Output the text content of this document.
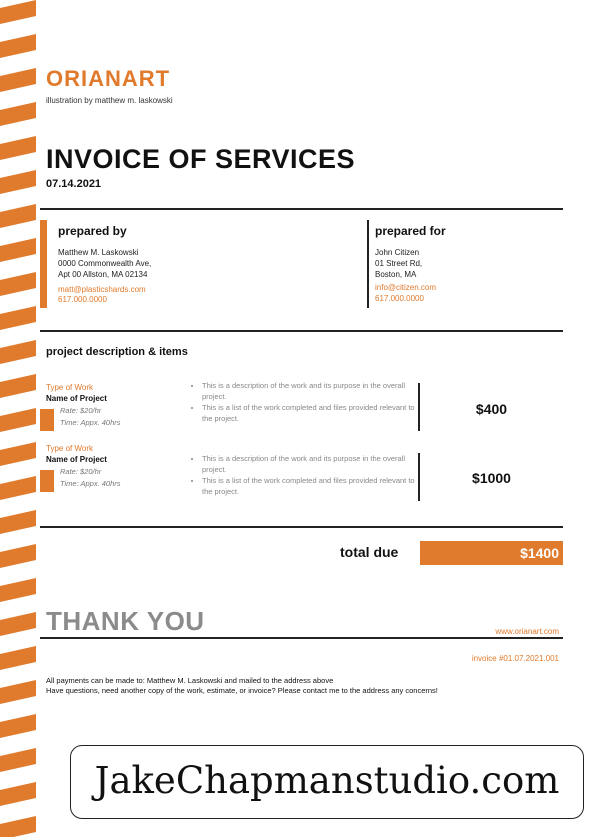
ORIANART
illustration by matthew m. laskowski
INVOICE OF SERVICES
07.14.2021
prepared by
Matthew M. Laskowski
0000 Commonwealth Ave,
Apt 00 Allston, MA 02134
matt@plasticshards.com
617.000.0000
prepared for
John Citizen
01 Street Rd,
Boston, MA
info@citizen.com
617.000.0000
project description & items
Type of Work
Name of Project
Rate: $20/hr
Time: Appx. 40hrs
• This is a description of the work and its purpose in the overall project.
• This is a list of the work completed and files provided relevant to the project.
$400
Type of Work
Name of Project
Rate: $20/hr
Time: Appx. 40hrs
• This is a description of the work and its purpose in the overall project.
• This is a list of the work completed and files provided relevant to the project.
$1000
total due	$1400
THANK YOU	www.orianart.com
invoice #01.07.2021.001
All payments can be made to: Matthew M. Laskowski and mailed to the address above
Have questions, need another copy of the work, estimate, or invoice? Please contact me to the address any concerns!
JakeChapmanstudio.com
